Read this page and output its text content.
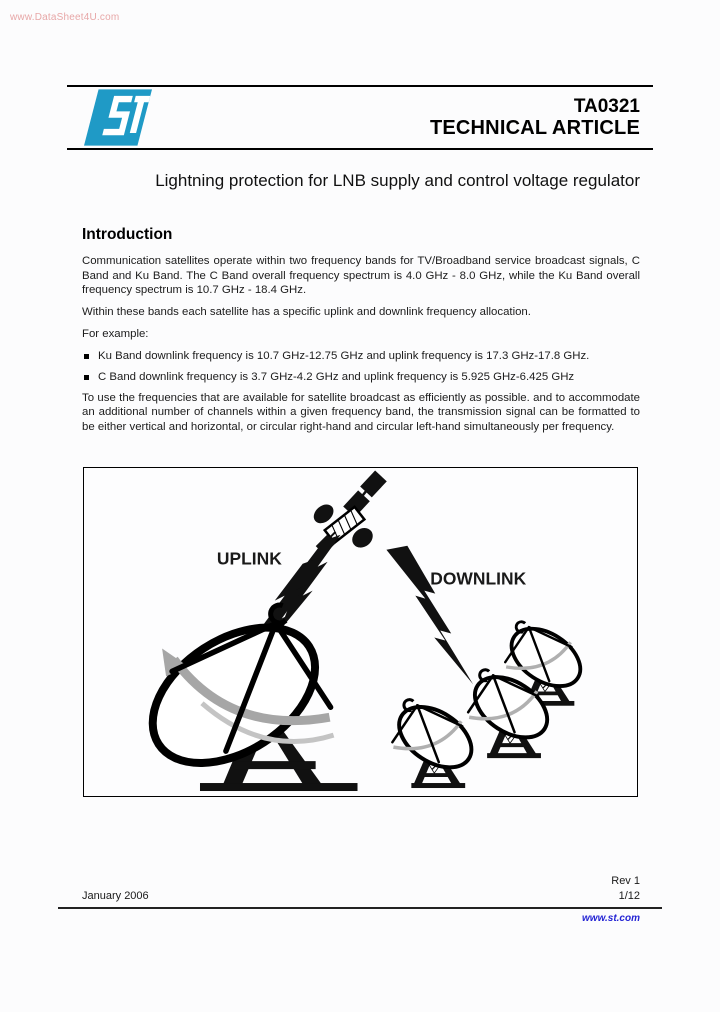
www.DataSheet4U.com
TA0321
TECHNICAL ARTICLE
Lightning protection for LNB supply and control voltage regulator
Introduction

Communication satellites operate within two frequency bands for TV/Broadband service broadcast signals, C Band and Ku Band. The C Band overall frequency spectrum is 4.0 GHz - 8.0 GHz, while the Ku Band overall frequency spectrum is 10.7 GHz - 18.4 GHz.

Within these bands each satellite has a specific uplink and downlink frequency allocation.

For example:

Ku Band downlink frequency is 10.7 GHz-12.75 GHz and uplink frequency is 17.3 GHz-17.8 GHz.
C Band downlink frequency is 3.7 GHz-4.2 GHz and uplink frequency is 5.925 GHz-6.425 GHz

To use the frequencies that are available for satellite broadcast as efficiently as possible. and to accommodate an additional number of channels within a given frequency band, the transmission signal can be formatted to be either vertical and horizontal, or circular right-hand and circular left-hand simultaneously per frequency.

UPLINK
DOWNLINK
January 2006
Rev 1
1/12
www.st.com
